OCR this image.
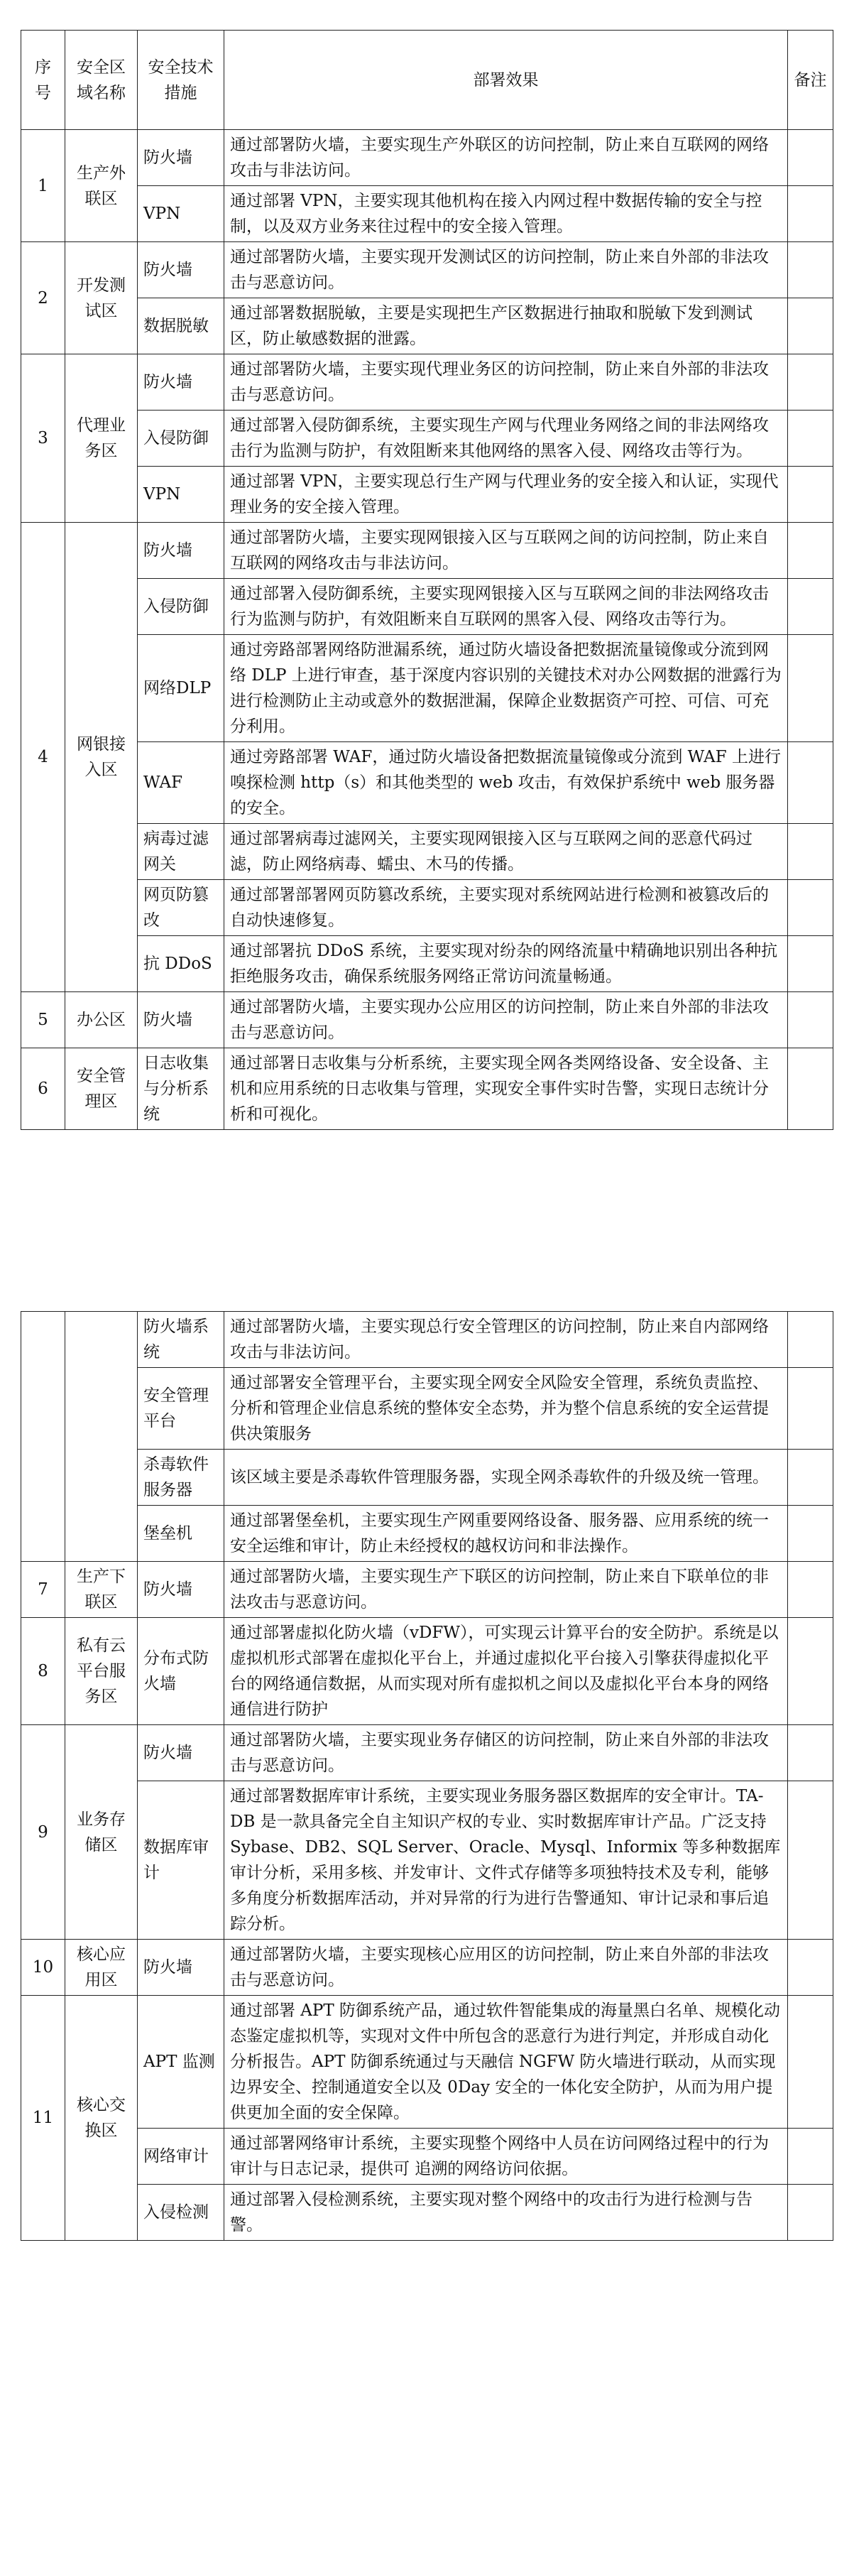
序号	安全区域名称	安全技术措施	部署效果	备注
1	生产外联区	防火墙	通过部署防火墙，主要实现生产外联区的访问控制，防止来自互联网的网络攻击与非法访问。	
		VPN	通过部署 VPN，主要实现其他机构在接入内网过程中数据传输的安全与控制，以及双方业务来往过程中的安全接入管理。	
2	开发测试区	防火墙	通过部署防火墙，主要实现开发测试区的访问控制，防止来自外部的非法攻击与恶意访问。	
		数据脱敏	通过部署数据脱敏，主要是实现把生产区数据进行抽取和脱敏下发到测试区，防止敏感数据的泄露。	
3	代理业务区	防火墙	通过部署防火墙，主要实现代理业务区的访问控制，防止来自外部的非法攻击与恶意访问。	
		入侵防御	通过部署入侵防御系统，主要实现生产网与代理业务网络之间的非法网络攻击行为监测与防护，有效阻断来其他网络的黑客入侵、网络攻击等行为。	
		VPN	通过部署 VPN，主要实现总行生产网与代理业务的安全接入和认证，实现代理业务的安全接入管理。	
4	网银接入区	防火墙	通过部署防火墙，主要实现网银接入区与互联网之间的访问控制，防止来自互联网的网络攻击与非法访问。	
		入侵防御	通过部署入侵防御系统，主要实现网银接入区与互联网之间的非法网络攻击行为监测与防护，有效阻断来自互联网的黑客入侵、网络攻击等行为。	
		网络DLP	通过旁路部署网络防泄漏系统，通过防火墙设备把数据流量镜像或分流到网络 DLP 上进行审查，基于深度内容识别的关键技术对办公网数据的泄露行为进行检测防止主动或意外的数据泄漏，保障企业数据资产可控、可信、可充分利用。	
		WAF	通过旁路部署 WAF，通过防火墙设备把数据流量镜像或分流到 WAF 上进行嗅探检测 http（s）和其他类型的 web 攻击，有效保护系统中 web 服务器的安全。	
		病毒过滤网关	通过部署病毒过滤网关，主要实现网银接入区与互联网之间的恶意代码过滤，防止网络病毒、蠕虫、木马的传播。	
		网页防篡改	通过部署部署网页防篡改系统，主要实现对系统网站进行检测和被篡改后的自动快速修复。	
		抗 DDoS	通过部署抗 DDoS 系统，主要实现对纷杂的网络流量中精确地识别出各种抗拒绝服务攻击，确保系统服务网络正常访问流量畅通。	
5	办公区	防火墙	通过部署防火墙，主要实现办公应用区的访问控制，防止来自外部的非法攻击与恶意访问。	
6	安全管理区	日志收集与分析系统	通过部署日志收集与分析系统，主要实现全网各类网络设备、安全设备、主机和应用系统的日志收集与管理，实现安全事件实时告警，实现日志统计分析和可视化。	
		防火墙系统	通过部署防火墙，主要实现总行安全管理区的访问控制，防止来自内部网络攻击与非法访问。	
		安全管理平台	通过部署安全管理平台，主要实现全网安全风险安全管理，系统负责监控、分析和管理企业信息系统的整体安全态势，并为整个信息系统的安全运营提供决策服务	
		杀毒软件服务器	该区域主要是杀毒软件管理服务器，实现全网杀毒软件的升级及统一管理。	
		堡垒机	通过部署堡垒机，主要实现生产网重要网络设备、服务器、应用系统的统一安全运维和审计，防止未经授权的越权访问和非法操作。	
7	生产下联区	防火墙	通过部署防火墙，主要实现生产下联区的访问控制，防止来自下联单位的非法攻击与恶意访问。	
8	私有云平台服务区	分布式防火墙	通过部署虚拟化防火墙（vDFW），可实现云计算平台的安全防护。系统是以虚拟机形式部署在虚拟化平台上，并通过虚拟化平台接入引擎获得虚拟化平台的网络通信数据，从而实现对所有虚拟机之间以及虚拟化平台本身的网络通信进行防护	
9	业务存储区	防火墙	通过部署防火墙，主要实现业务存储区的访问控制，防止来自外部的非法攻击与恶意访问。	
		数据库审计	通过部署数据库审计系统，主要实现业务服务器区数据库的安全审计。TA-DB 是一款具备完全自主知识产权的专业、实时数据库审计产品。广泛支持 Sybase、DB2、SQL Server、Oracle、Mysql、Informix 等多种数据库审计分析，采用多核、并发审计、文件式存储等多项独特技术及专利，能够多角度分析数据库活动，并对异常的行为进行告警通知、审计记录和事后追踪分析。	
10	核心应用区	防火墙	通过部署防火墙，主要实现核心应用区的访问控制，防止来自外部的非法攻击与恶意访问。	
11	核心交换区	APT 监测	通过部署 APT 防御系统产品，通过软件智能集成的海量黑白名单、规模化动态鉴定虚拟机等，实现对文件中所包含的恶意行为进行判定，并形成自动化分析报告。APT 防御系统通过与天融信 NGFW 防火墙进行联动，从而实现边界安全、控制通道安全以及 0Day 安全的一体化安全防护，从而为用户提供更加全面的安全保障。	
		网络审计	通过部署网络审计系统，主要实现整个网络中人员在访问网络过程中的行为审计与日志记录，提供可 追溯的网络访问依据。	
		入侵检测	通过部署入侵检测系统，主要实现对整个网络中的攻击行为进行检测与告警。	
